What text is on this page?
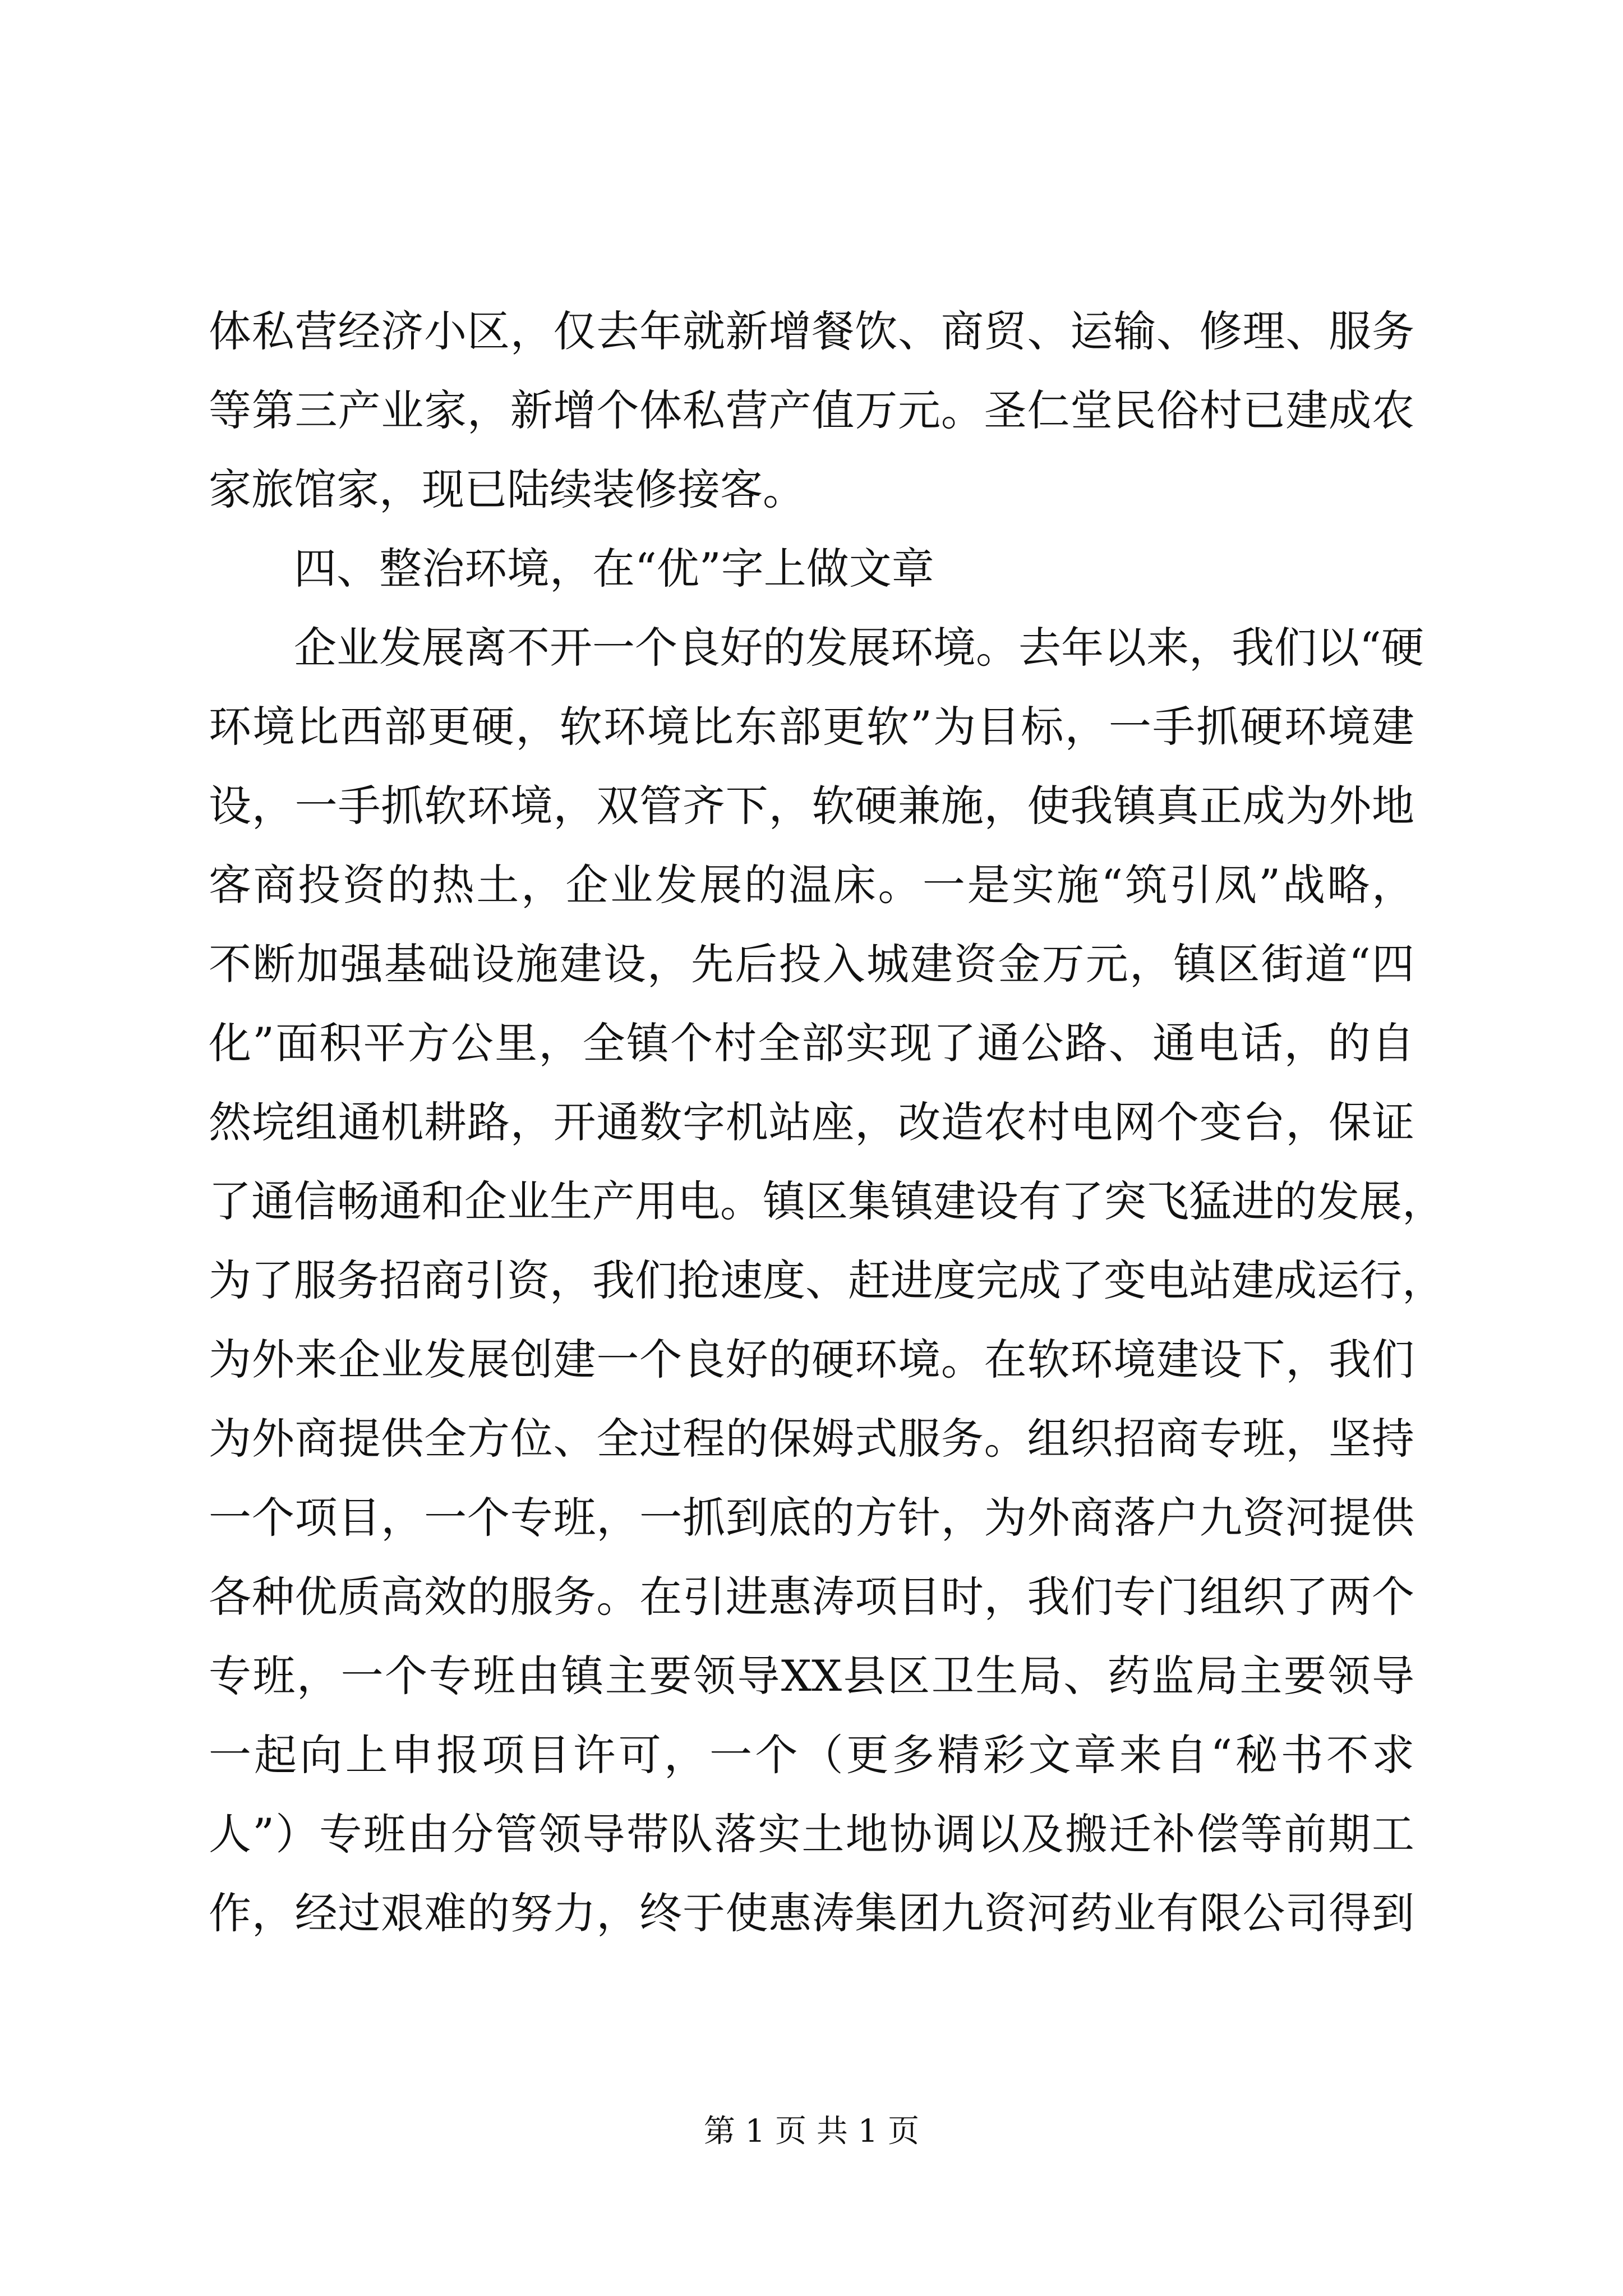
体私营经济小区，仅去年就新增餐饮、商贸、运输、修理、服务
等第三产业家，新增个体私营产值万元。圣仁堂民俗村已建成农
家旅馆家，现已陆续装修接客。
四、整治环境，在“优”字上做文章
企业发展离不开一个良好的发展环境。去年以来，我们以“硬
环境比西部更硬，软环境比东部更软”为目标，一手抓硬环境建
设，一手抓软环境，双管齐下，软硬兼施，使我镇真正成为外地
客商投资的热土，企业发展的温床。一是实施“筑引凤”战略，
不断加强基础设施建设，先后投入城建资金万元，镇区街道“四
化”面积平方公里，全镇个村全部实现了通公路、通电话，的自
然垸组通机耕路，开通数字机站座，改造农村电网个变台，保证
了通信畅通和企业生产用电。镇区集镇建设有了突飞猛进的发展，
为了服务招商引资，我们抢速度、赶进度完成了变电站建成运行，
为外来企业发展创建一个良好的硬环境。在软环境建设下，我们
为外商提供全方位、全过程的保姆式服务。组织招商专班，坚持
一个项目，一个专班，一抓到底的方针，为外商落户九资河提供
各种优质高效的服务。在引进惠涛项目时，我们专门组织了两个
专班，一个专班由镇主要领导XX县区卫生局、药监局主要领导
一起向上申报项目许可，一个（更多精彩文章来自“秘书不求
人”）专班由分管领导带队落实土地协调以及搬迁补偿等前期工
作，经过艰难的努力，终于使惠涛集团九资河药业有限公司得到
第 1 页 共 1 页
